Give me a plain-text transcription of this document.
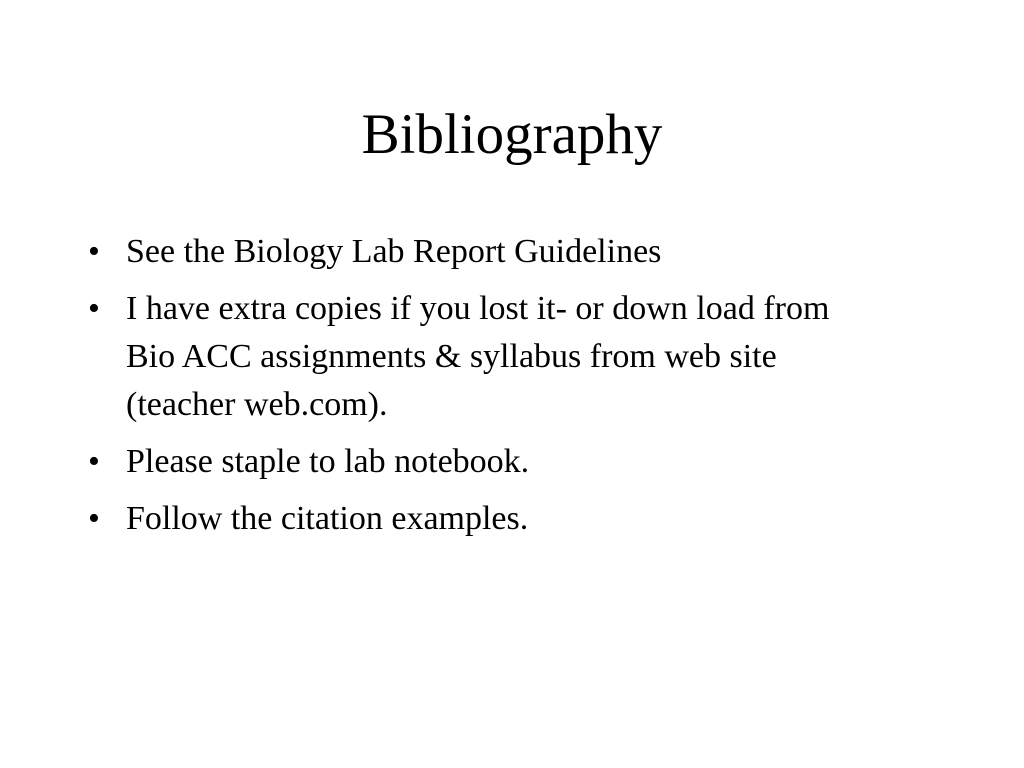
Bibliography
• See the Biology Lab Report Guidelines
• I have extra copies if you lost it- or down load from Bio ACC assignments & syllabus from web site (teacher web.com).
• Please staple to lab notebook.
• Follow the citation examples.
